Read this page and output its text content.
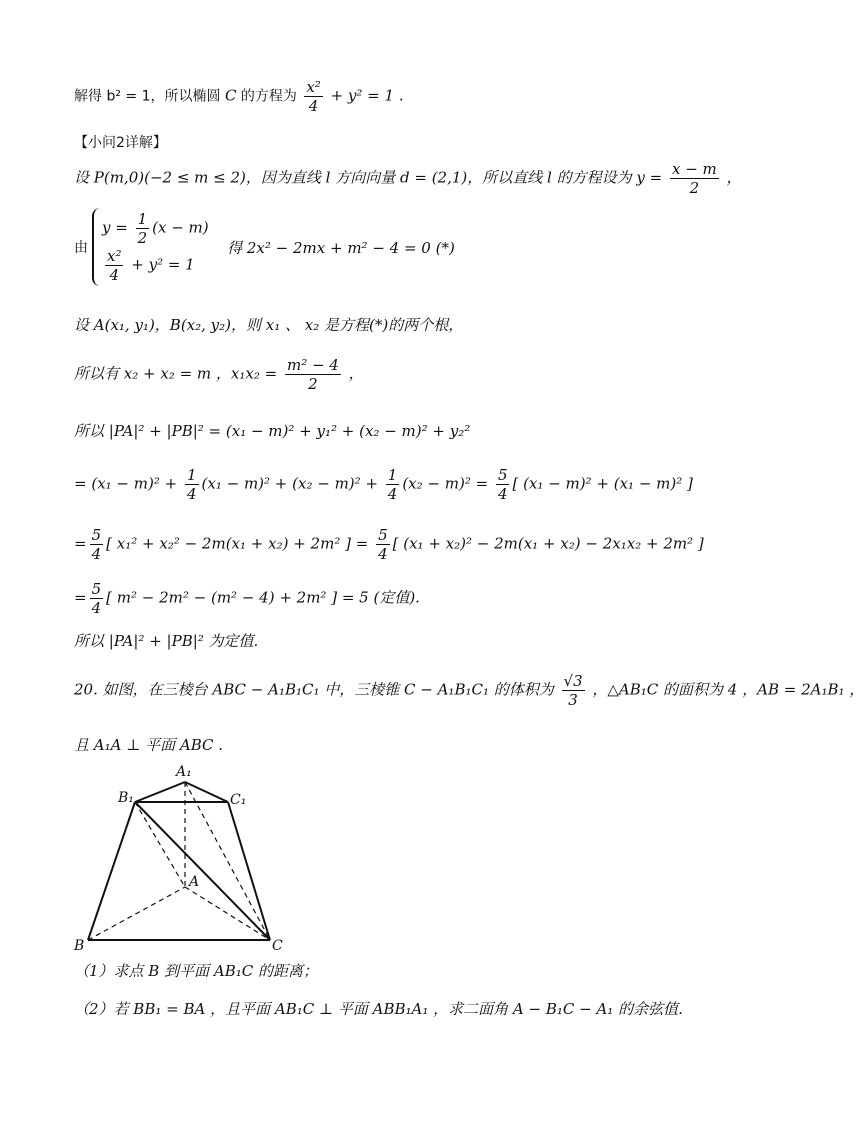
解得 b² = 1，所以椭圆 C 的方程为 $\frac{\text{x²}}{4} + y^2 = 1$ .
【小问2详解】
设 P(m,0)(−2 ≤ m ≤ 2)，因为直线 l 方向向量 d = (2,1)，所以直线 l 的方程设为 $y = \frac{x - m}{2}$ ，
由
$y = \frac{1}{2} (x - m)$
$\frac{\text{x²}}{4} + y^2 = 1$
得 2x² − 2mx + m² − 4 = 0 (*)
设 A(x₁, y₁)，B(x₂, y₂)，则 x₁ 、 x₂ 是方程(*)的两个根，
所以有 x₂ + x₂ = m ，$x_1x_2 = \frac{\text{m² − 4}}{2}$ ，
所以 |PA|² + |PB|² = (x₁ − m)² + y₁² + (x₂ − m)² + y₂²
= $(x_1 - m)^2 + \frac{1}{4} (x_1 - m)^2 + (x_2 - m)^2 + \frac{1}{4} (x_2 - m)^2 = \frac{5}{4}$ [ (x₁ − m)² + (x₁ − m)² ]
= $\frac{5}{4}$ [ x₁² + x₂² − 2m(x₁ + x₂) + 2m² ] = $\frac{5}{4}$ [ (x₁ + x₂)² − 2m(x₁ + x₂) − 2x₁x₂ + 2m² ]
= $\frac{5}{4}$ [ m² − 2m² − (m² − 4) + 2m² ] = 5 (定值).
所以 |PA|² + |PB|² 为定值.
20. 如图，在三棱台 ABC − A₁B₁C₁ 中，三棱锥 C − A₁B₁C₁ 的体积为 $\frac{√3}{3}$ ，△AB₁C 的面积为 4 ，AB = 2A₁B₁ ，
且 A₁A ⊥ 平面 ABC .
A₁
B₁	C₁
A
B	C
（1）求点 B 到平面 AB₁C 的距离；
（2）若 BB₁ = BA ，且平面 AB₁C ⊥ 平面 ABB₁A₁ ，求二面角 A − B₁C − A₁ 的余弦值.
